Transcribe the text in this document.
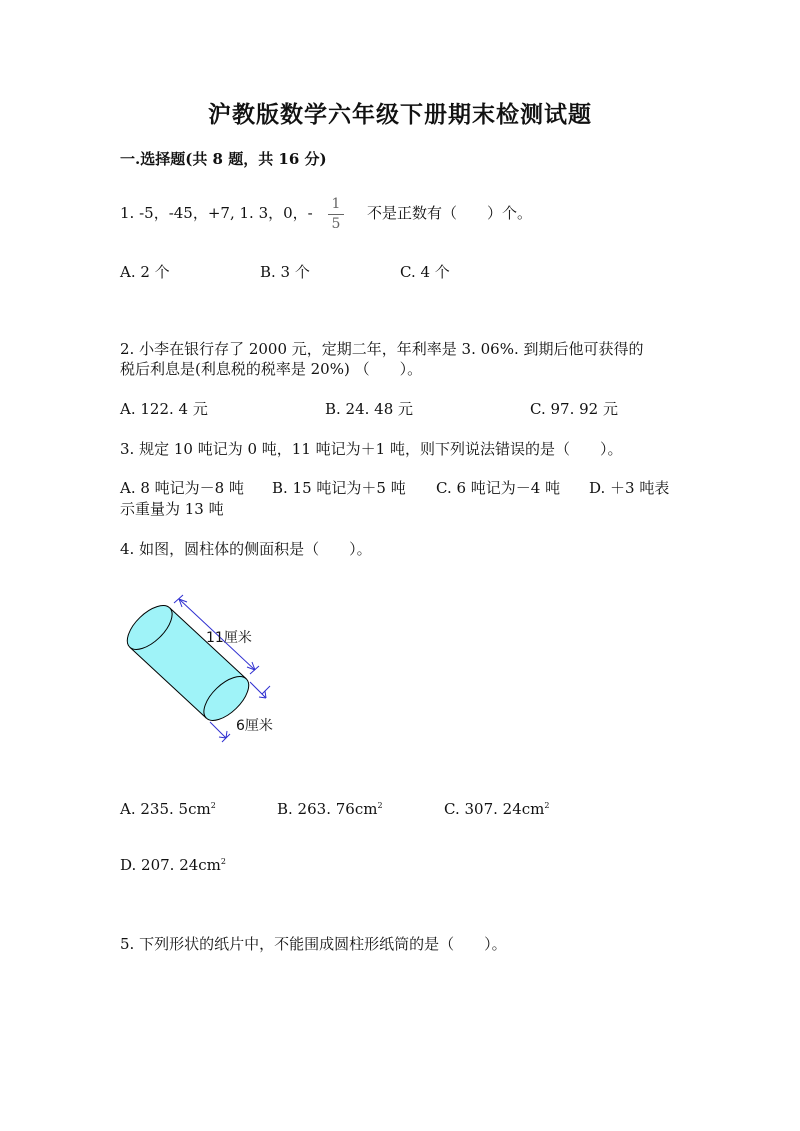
沪教版数学六年级下册期末检测试题
一.选择题(共 8 题，共 16 分)
1. -5，-45，+7, 1. 3，0，- 1
5
不是正数有（　　）个。
A. 2 个	B. 3 个	C. 4 个
2. 小李在银行存了 2000 元，定期二年，年利率是 3. 06%. 到期后他可获得的
税后利息是(利息税的税率是 20%) （　　）。
A. 122. 4 元	B. 24. 48 元	C. 97. 92 元
3. 规定 10 吨记为 0 吨，11 吨记为＋1 吨，则下列说法错误的是（　　）。
A. 8 吨记为－8 吨 B. 15 吨记为＋5 吨 C. 6 吨记为－4 吨 D. ＋3 吨表
示重量为 13 吨
4. 如图，圆柱体的侧面积是（　　）。
11厘米
6厘米
A. 235. $5cm^2$	B. 263. $76cm^2$	C. 307. $24cm^2$
D. 207. $24cm^2$
5. 下列形状的纸片中，不能围成圆柱形纸筒的是（　　）。
